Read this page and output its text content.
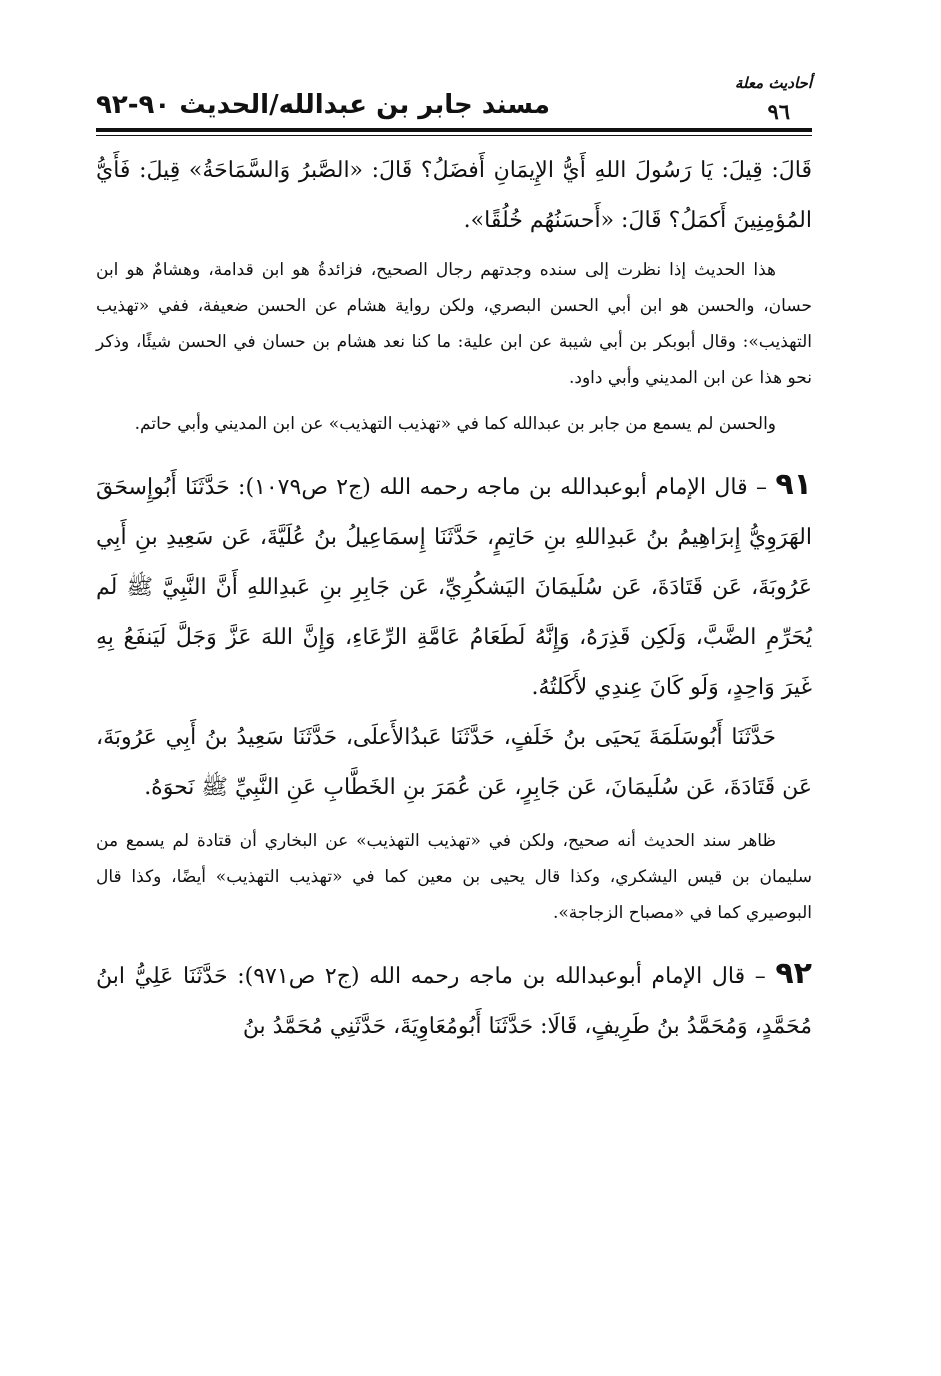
أحاديث معلة
٩٦
مسند جابر بن عبدالله/الحديث ٩٠-٩٢

قَالَ: قِيلَ: يَا رَسُولَ اللهِ أَيُّ الإِيمَانِ أَفضَلُ؟ قَالَ: «الصَّبرُ وَالسَّمَاحَةُ» قِيلَ: فَأَيُّ المُؤمِنِينَ أَكمَلُ؟ قَالَ: «أَحسَنُهُم خُلُقًا».

هذا الحديث إذا نظرت إلى سنده وجدتهم رجال الصحيح، فزائدةُ هو ابن قدامة، وهشامٌ هو ابن حسان، والحسن هو ابن أبي الحسن البصري، ولكن رواية هشام عن الحسن ضعيفة، ففي «تهذيب التهذيب»: وقال أبوبكر بن أبي شيبة عن ابن علية: ما كنا نعد هشام بن حسان في الحسن شيئًا، وذكر نحو هذا عن ابن المديني وأبي داود.

والحسن لم يسمع من جابر بن عبدالله كما في «تهذيب التهذيب» عن ابن المديني وأبي حاتم.

٩١ – قال الإمام أبوعبدالله بن ماجه رحمه الله (ج٢ ص١٠٧٩): حَدَّثَنَا أَبُوإِسحَقَ الهَرَوِيُّ إِبرَاهِيمُ بنُ عَبدِاللهِ بنِ حَاتِمٍ، حَدَّثَنَا إِسمَاعِيلُ بنُ عُلَيَّةَ، عَن سَعِيدِ بنِ أَبِي عَرُوبَةَ، عَن قَتَادَةَ، عَن سُلَيمَانَ اليَشكُرِيِّ، عَن جَابِرِ بنِ عَبدِاللهِ أَنَّ النَّبِيَّ ﷺ لَم يُحَرِّمِ الضَّبَّ، وَلَكِن قَذِرَهُ، وَإِنَّهُ لَطَعَامُ عَامَّةِ الرِّعَاءِ، وَإِنَّ اللهَ عَزَّ وَجَلَّ لَيَنفَعُ بِهِ غَيرَ وَاحِدٍ، وَلَو كَانَ عِندِي لأَكَلتُهُ.

حَدَّثَنَا أَبُوسَلَمَةَ يَحيَى بنُ خَلَفٍ، حَدَّثَنَا عَبدُالأَعلَى، حَدَّثَنَا سَعِيدُ بنُ أَبِي عَرُوبَةَ، عَن قَتَادَةَ، عَن سُلَيمَانَ، عَن جَابِرٍ، عَن عُمَرَ بنِ الخَطَّابِ عَنِ النَّبِيِّ ﷺ نَحوَهُ.

ظاهر سند الحديث أنه صحيح، ولكن في «تهذيب التهذيب» عن البخاري أن قتادة لم يسمع من سليمان بن قيس اليشكري، وكذا قال يحيى بن معين كما في «تهذيب التهذيب» أيضًا، وكذا قال البوصيري كما في «مصباح الزجاجة».

٩٢ – قال الإمام أبوعبدالله بن ماجه رحمه الله (ج٢ ص٩٧١): حَدَّثَنَا عَلِيُّ ابنُ مُحَمَّدٍ، وَمُحَمَّدُ بنُ طَرِيفٍ، قَالَا: حَدَّثَنَا أَبُومُعَاوِيَةَ، حَدَّثَنِي مُحَمَّدُ بنُ
